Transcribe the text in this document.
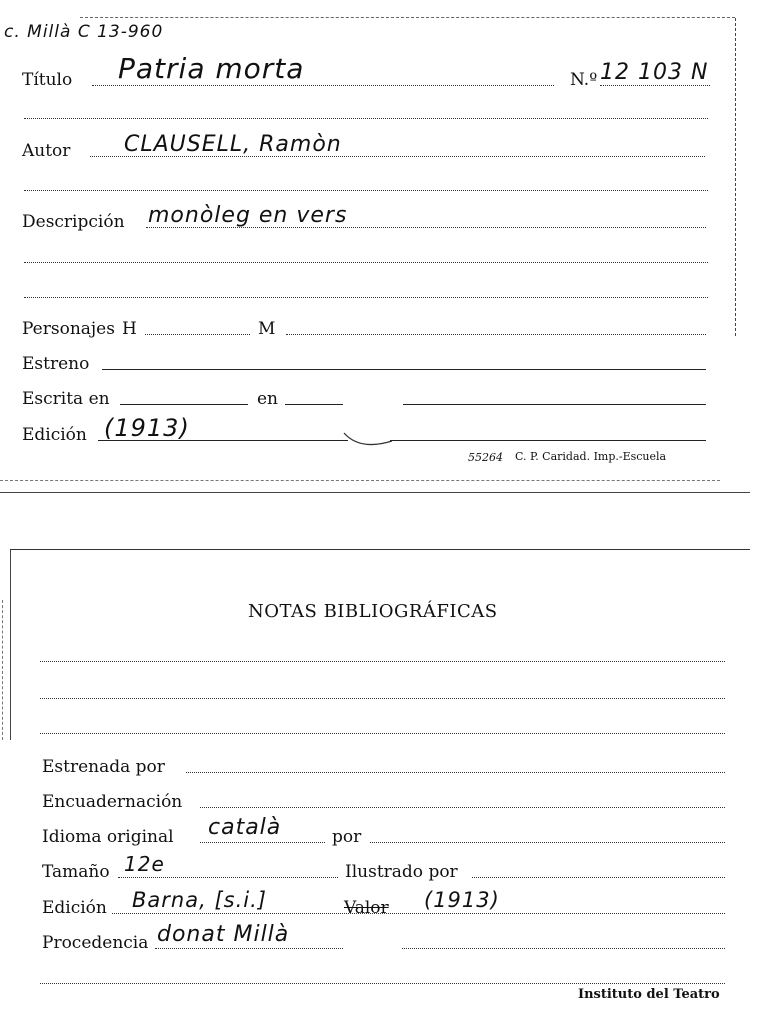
c. Millà C 13-960
Título Patria morta	N.º 12 103 N
Autor CLAUSELL, Ramòn
Descripción monòleg en vers
Personajes H	M
Estreno
Escrita en	en
Edición (1913)
55264 C. P. Caridad. Imp.-Escuela
NOTAS BIBLIOGRÁFICAS
Estrenada por
Encuadernación
Idioma original català	por
Tamaño 12e	Ilustrado por
Edición Barna, [s.i.]	Valor (1913)
Procedencia donat Millà
Instituto del Teatro
